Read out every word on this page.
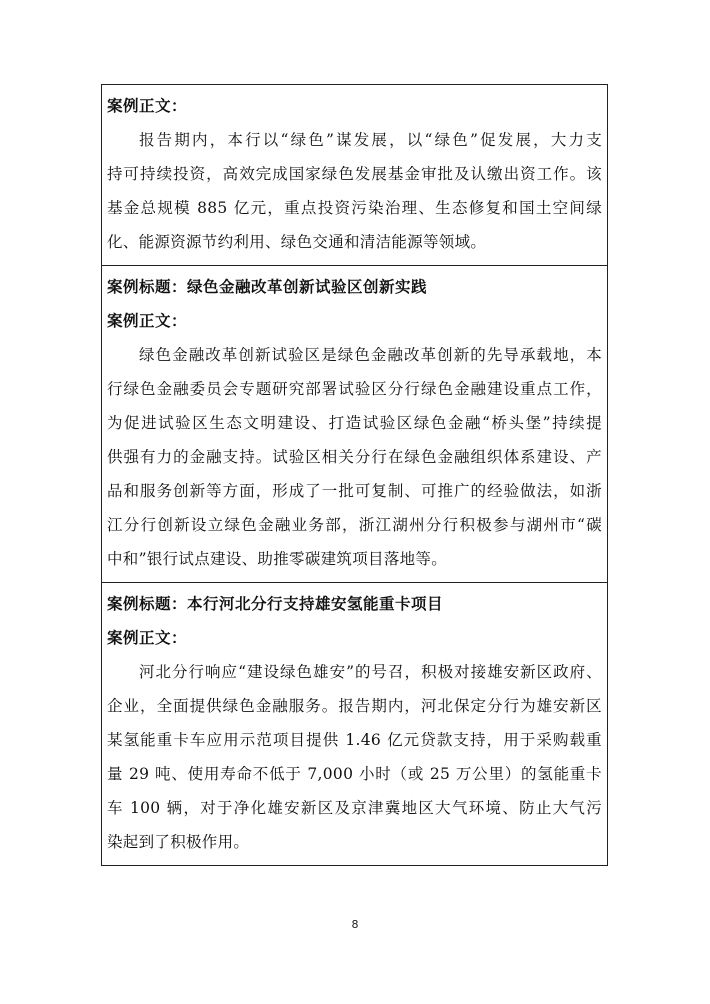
案例正文：
报告期内，本行以“绿色”谋发展，以“绿色”促发展，大力支
持可持续投资，高效完成国家绿色发展基金审批及认缴出资工作。该
基金总规模 885 亿元，重点投资污染治理、生态修复和国土空间绿
化、能源资源节约利用、绿色交通和清洁能源等领域。

案例标题：绿色金融改革创新试验区创新实践
案例正文：
绿色金融改革创新试验区是绿色金融改革创新的先导承载地，本
行绿色金融委员会专题研究部署试验区分行绿色金融建设重点工作，
为促进试验区生态文明建设、打造试验区绿色金融“桥头堡”持续提
供强有力的金融支持。试验区相关分行在绿色金融组织体系建设、产
品和服务创新等方面，形成了一批可复制、可推广的经验做法，如浙
江分行创新设立绿色金融业务部，浙江湖州分行积极参与湖州市“碳
中和”银行试点建设、助推零碳建筑项目落地等。

案例标题：本行河北分行支持雄安氢能重卡项目
案例正文：
河北分行响应“建设绿色雄安”的号召，积极对接雄安新区政府、
企业，全面提供绿色金融服务。报告期内，河北保定分行为雄安新区
某氢能重卡车应用示范项目提供 1.46 亿元贷款支持，用于采购载重
量 29 吨、使用寿命不低于 7,000 小时（或 25 万公里）的氢能重卡
车 100 辆，对于净化雄安新区及京津冀地区大气环境、防止大气污
染起到了积极作用。
8
